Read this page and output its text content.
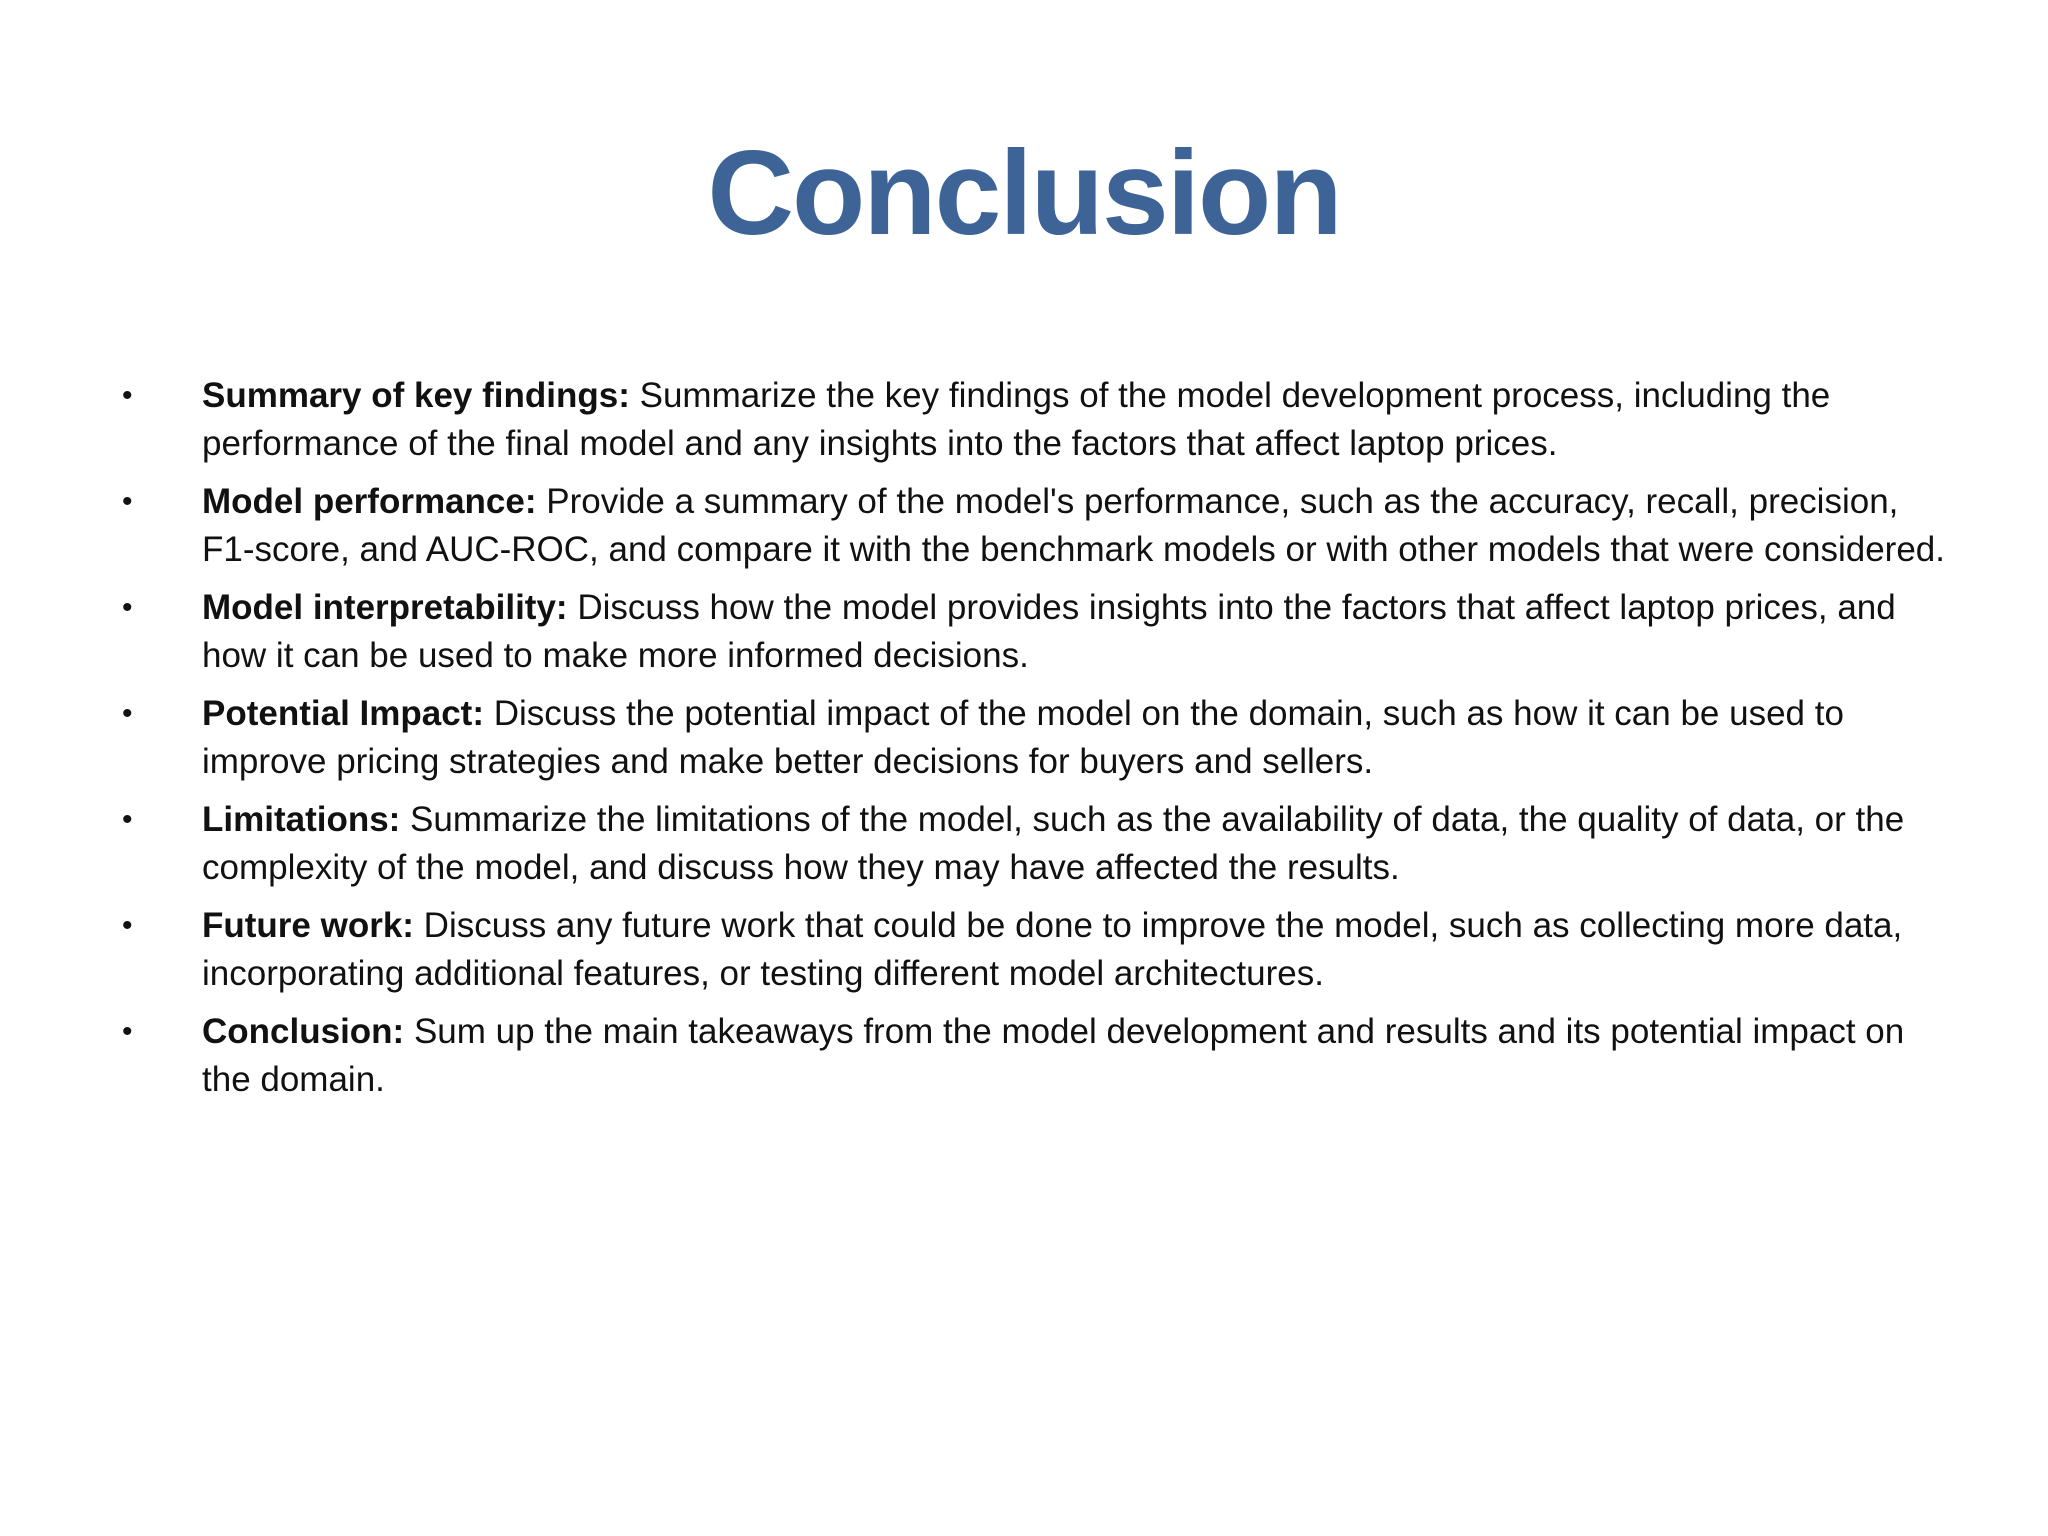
Conclusion
• Summary of key findings: Summarize the key findings of the model development process, including the performance of the final model and any insights into the factors that affect laptop prices.
• Model performance: Provide a summary of the model's performance, such as the accuracy, recall, precision, F1-score, and AUC-ROC, and compare it with the benchmark models or with other models that were considered.
• Model interpretability: Discuss how the model provides insights into the factors that affect laptop prices, and how it can be used to make more informed decisions.
• Potential Impact: Discuss the potential impact of the model on the domain, such as how it can be used to improve pricing strategies and make better decisions for buyers and sellers.
• Limitations: Summarize the limitations of the model, such as the availability of data, the quality of data, or the complexity of the model, and discuss how they may have affected the results.
• Future work: Discuss any future work that could be done to improve the model, such as collecting more data, incorporating additional features, or testing different model architectures.
• Conclusion: Sum up the main takeaways from the model development and results and its potential impact on the domain.
